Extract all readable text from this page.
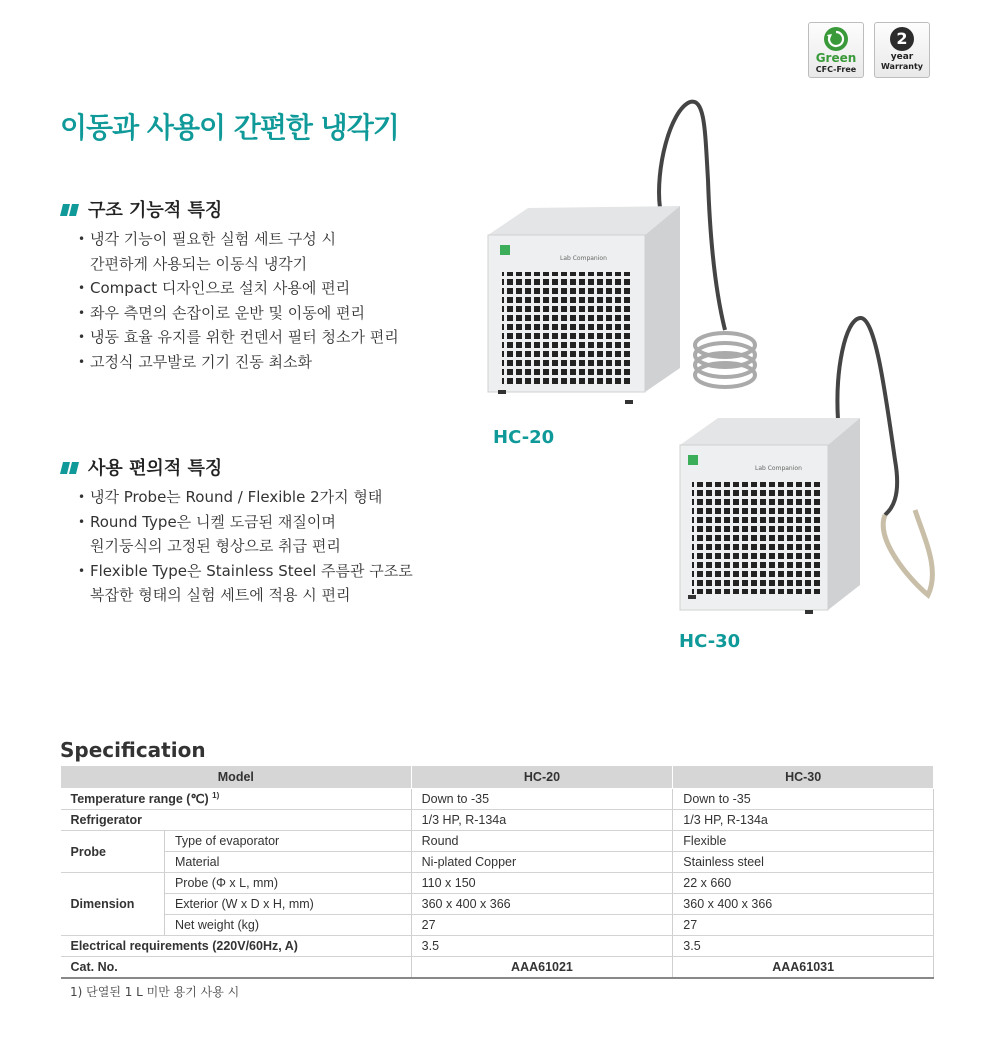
Green
CFC-Free
2
year
Warranty
이동과 사용이 간편한 냉각기
구조 기능적 특징
• 냉각 기능이 필요한 실험 세트 구성 시
간편하게 사용되는 이동식 냉각기
• Compact 디자인으로 설치 사용에 편리
• 좌우 측면의 손잡이로 운반 및 이동에 편리
• 냉동 효율 유지를 위한 컨덴서 필터 청소가 편리
• 고정식 고무발로 기기 진동 최소화
사용 편의적 특징
• 냉각 Probe는 Round / Flexible 2가지 형태
• Round Type은 니켈 도금된 재질이며
원기둥식의 고정된 형상으로 취급 편리
• Flexible Type은 Stainless Steel 주름관 구조로
복잡한 형태의 실험 세트에 적용 시 편리
Lab Companion
HC-20
Lab Companion
HC-30
Specification
Model		HC-20	HC-30
Temperature range (℃) $^{1)}$		Down to -35	Down to -35
Refrigerator		1/3 HP, R-134a	1/3 HP, R-134a
Probe	Type of evaporator	Round	Flexible
	Material	Ni-plated Copper	Stainless steel
Dimension	Probe (Φ x L, mm)	110 x 150	22 x 660
	Exterior (W x D x H, mm)	360 x 400 x 366	360 x 400 x 366
	Net weight (kg)	27	27
Electrical requirements (220V/60Hz, A)		3.5	3.5
Cat. No.		AAA61021	AAA61031
1) 단열된 1 L 미만 용기 사용 시
